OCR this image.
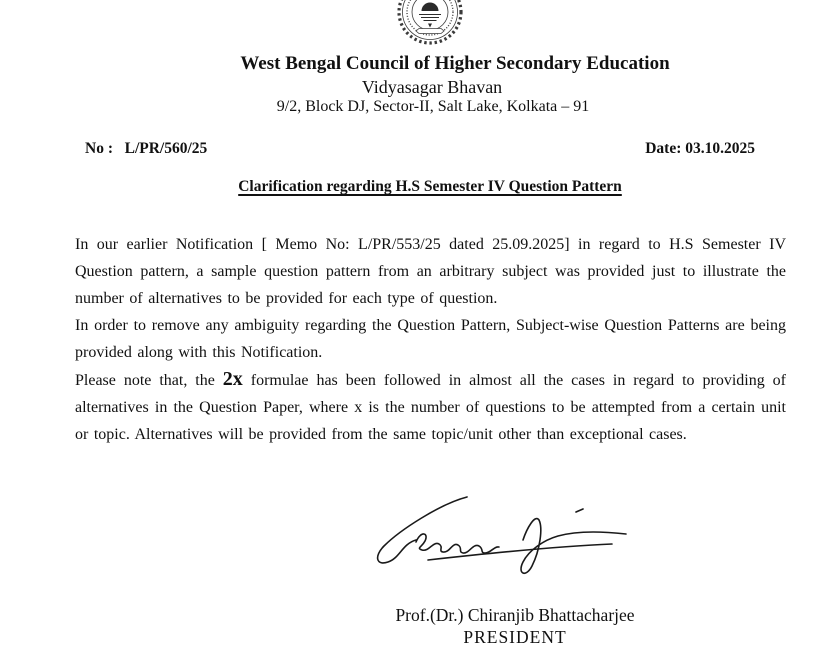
West Bengal Council of Higher Secondary Education
Vidyasagar Bhavan
9/2, Block DJ, Sector-II, Salt Lake, Kolkata – 91
No :   L/PR/560/25	Date: 03.10.2025
Clarification regarding H.S Semester IV Question Pattern

In our earlier Notification [ Memo No: L/PR/553/25 dated 25.09.2025] in regard to H.S Semester IV Question pattern, a sample question pattern from an arbitrary subject was provided just to illustrate the number of alternatives to be provided for each type of question.

In order to remove any ambiguity regarding the Question Pattern, Subject-wise Question Patterns are being provided along with this Notification.

Please note that, the 2x formulae has been followed in almost all the cases in regard to providing of alternatives in the Question Paper, where x is the number of questions to be attempted from a certain unit or topic. Alternatives will be provided from the same topic/unit other than exceptional cases.

Prof.(Dr.) Chiranjib Bhattacharjee
PRESIDENT
